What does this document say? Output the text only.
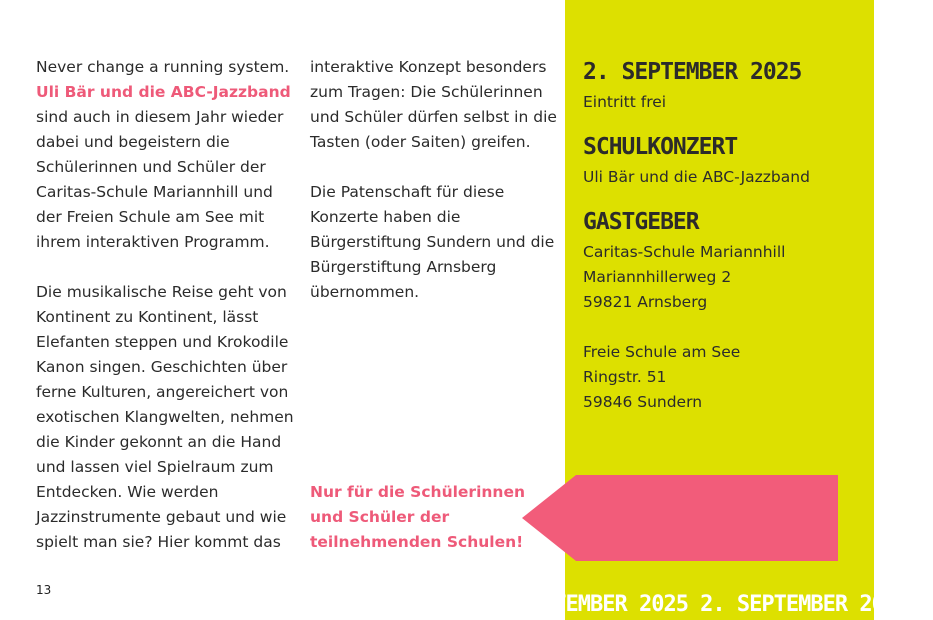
Never change a running system.
Uli Bär und die ABC-Jazzband sind auch in diesem Jahr wieder dabei und begeistern die Schülerinnen und Schüler der Caritas-Schule Mariannhill und der Freien Schule am See mit ihrem interaktiven Programm.

Die musikalische Reise geht von Kontinent zu Kontinent, lässt Elefanten steppen und Krokodile Kanon singen. Geschichten über ferne Kulturen, angereichert von exotischen Klangwelten, nehmen die Kinder gekonnt an die Hand und lassen viel Spielraum zum Entdecken. Wie werden Jazzinstrumente gebaut und wie spielt man sie? Hier kommt das

interaktive Konzept besonders zum Tragen: Die Schülerinnen und Schüler dürfen selbst in die Tasten (oder Saiten) greifen.

Die Patenschaft für diese Konzerte haben die Bürgerstiftung Sundern und die Bürgerstiftung Arnsberg übernommen.

13
2. SEPTEMBER 2025
Eintritt frei
SCHULKONZERT
Uli Bär und die ABC-Jazzband
GASTGEBER
Caritas-Schule Mariannhill
Mariannhillerweg 2
59821 Arnsberg
Freie Schule am See
Ringstr. 51
59846 Sundern
Nur für die Schülerinnen und Schüler der teilnehmenden Schulen!
PTEMBER 2025 2. SEPTEMBER 2025 2
